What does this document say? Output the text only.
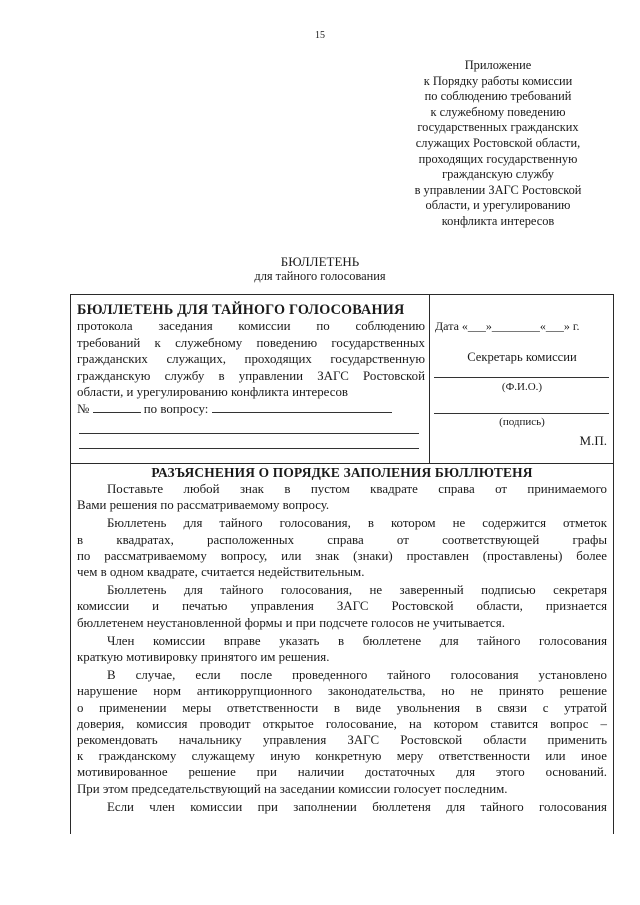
15
Приложение
к Порядку работы комиссии
по соблюдению требований
к служебному поведению
государственных гражданских
служащих Ростовской области,
проходящих государственную
гражданскую службу
в управлении ЗАГС Ростовской
области, и урегулированию
конфликта интересов
БЮЛЛЕТЕНЬ
для тайного голосования
БЮЛЛЕТЕНЬ ДЛЯ ТАЙНОГО ГОЛОСОВАНИЯ
протокола заседания комиссии по соблюдению
требований к служебному поведению государственных
гражданских служащих, проходящих государственную
гражданскую службу в управлении ЗАГС Ростовской
области, и урегулированию конфликта интересов
№	по вопросу:
Дата «___»________«___» г.
Секретарь комиссии
(Ф.И.О.)
(подпись)
М.П.
РАЗЪЯСНЕНИЯ О ПОРЯДКЕ ЗАПОЛЕНИЯ БЮЛЛЮТЕНЯ
Поставьте любой знак в пустом квадрате справа от принимаемого
Вами решения по рассматриваемому вопросу.
Бюллетень для тайного голосования, в котором не содержится отметок
в квадратах, расположенных справа от соответствующей графы
по рассматриваемому вопросу, или знак (знаки) проставлен (проставлены) более
чем в одном квадрате, считается недействительным.
Бюллетень для тайного голосования, не заверенный подписью секретаря
комиссии и печатью управления ЗАГС Ростовской области, признается
бюллетенем неустановленной формы и при подсчете голосов не учитывается.
Член комиссии вправе указать в бюллетене для тайного голосования
краткую мотивировку принятого им решения.
В случае, если после проведенного тайного голосования установлено
нарушение норм антикоррупционного законодательства, но не принято решение
о применении меры ответственности в виде увольнения в связи с утратой
доверия, комиссия проводит открытое голосование, на котором ставится вопрос –
рекомендовать начальнику управления ЗАГС Ростовской области применить
к гражданскому служащему иную конкретную меру ответственности или иное
мотивированное решение при наличии достаточных для этого оснований.
При этом председательствующий на заседании комиссии голосует последним.
Если член комиссии при заполнении бюллетеня для тайного голосования
